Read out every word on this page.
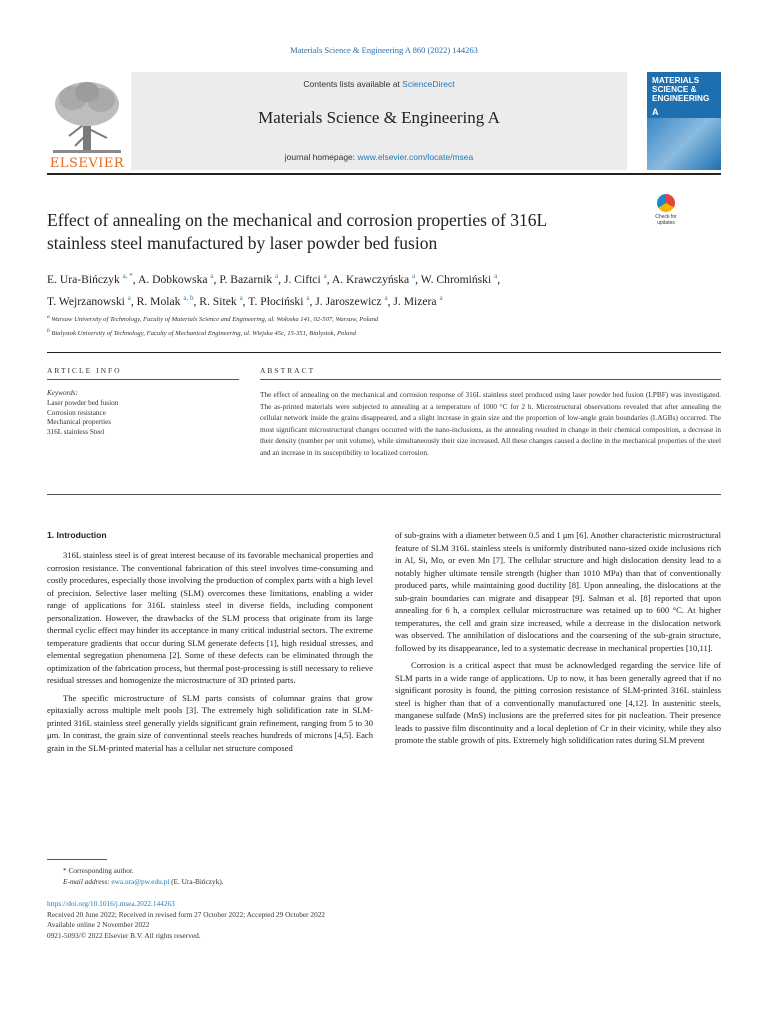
Materials Science & Engineering A 860 (2022) 144263
ELSEVIER
Contents lists available at ScienceDirect
Materials Science & Engineering A
journal homepage: www.elsevier.com/locate/msea
MATERIALS SCIENCE & ENGINEERING
A
Effect of annealing on the mechanical and corrosion properties of 316L stainless steel manufactured by laser powder bed fusion
Check for updates
E. Ura-Bińczyk $^{a, *}$, A. Dobkowska $^a$, P. Bazarnik $^a$, J. Ciftci $^a$, A. Krawczyńska $^a$, W. Chromiński $^a$,
T. Wejrzanowski $^a$, R. Molak $^{a, b}$, R. Sitek $^a$, T. Płociński $^a$, J. Jaroszewicz $^a$, J. Mizera $^a$
$^a$ Warsaw University of Technology, Faculty of Materials Science and Engineering, ul. Wołoska 141, 02-507, Warsaw, Poland
$^b$ Bialystok University of Technology, Faculty of Mechanical Engineering, ul. Wiejska 45c, 15-351, Bialystok, Poland
ARTICLE INFO	ABSTRACT
Keywords:
Laser powder bed fusion
Corrosion resistance
Mechanical properties
316L stainless Steel
The effect of annealing on the mechanical and corrosion response of 316L stainless steel produced using laser powder bed fusion (LPBF) was investigated. The as-printed materials were subjected to annealing at a temperature of 1000 °C for 2 h. Microstructural observations revealed that after annealing the cellular network inside the grains disappeared, and a slight increase in grain size and the proportion of low-angle grain boundaries (LAGBs) occurred. The most significant microstructural changes occurred with the nano-inclusions, as the annealing resulted in change in their chemical composition, a decrease in their density (number per unit volume), while simultaneously their size increased. All these changes caused a decline in the mechanical properties of the steel and an increase in its susceptibility to localized corrosion.
1. Introduction

316L stainless steel is of great interest because of its favorable mechanical properties and corrosion resistance. The conventional fabrication of this steel involves time-consuming and costly procedures, especially those involving the production of complex parts with a high level of precision. Selective laser melting (SLM) overcomes these limitations, enabling a wider range of applications for 316L stainless steel in diverse fields, including component personalization. However, the drawbacks of the SLM process that originate from its large thermal cyclic effect may hinder its acceptance in many critical industrial sectors. The extreme temperature gradients that occur during SLM generate defects [1], high residual stresses, and elemental segregation phenomena [2]. Some of these defects can be eliminated through the optimization of the fabrication process, but thermal post-processing is still necessary to relieve residual stresses and homogenize the microstructure of 3D printed parts.

The specific microstructure of SLM parts consists of columnar grains that grow epitaxially across multiple melt pools [3]. The extremely high solidification rate in SLM-printed 316L stainless steel generally yields significant grain refinement, ranging from 5 to 30 μm. In contrast, the grain size of conventional steels reaches hundreds of microns [4,5]. Each grain in the SLM-printed material has a cellular net structure composed

of sub-grains with a diameter between 0.5 and 1 μm [6]. Another characteristic microstructural feature of SLM 316L stainless steels is uniformly distributed nano-sized oxide inclusions rich in Al, Si, Mo, or even Mn [7]. The cellular structure and high dislocation density lead to a notably higher ultimate tensile strength (higher than 1010 MPa) than that of conventionally produced parts, while maintaining good ductility [8]. Upon annealing, the dislocations at the sub-grain boundaries can migrate and disappear [9]. Salman et al. [8] reported that upon annealing for 6 h, a complex cellular microstructure was retained up to 600 °C. At higher temperatures, the cell and grain size increased, while a decrease in the dislocation network was observed. The annihilation of dislocations and the coarsening of the sub-grain structure, followed by its disappearance, led to a systematic decrease in mechanical properties [10,11].

Corrosion is a critical aspect that must be acknowledged regarding the service life of SLM parts in a wide range of applications. Up to now, it has been generally agreed that if no significant porosity is found, the pitting corrosion resistance of SLM-printed 316L stainless steel is higher than that of a conventionally manufactured one [4,12]. In austenitic steels, manganese sulfade (MnS) inclusions are the preferred sites for pit nucleation. Their presence leads to passive film discontinuity and a local depletion of Cr in their vicinity, while they also promote the stable growth of pits. Extremely high solidification rates during SLM prevent

* Corresponding author.
E-mail address: ewa.ura@pw.edu.pl (E. Ura-Bińczyk).
https://doi.org/10.1016/j.msea.2022.144263
Received 20 June 2022; Received in revised form 27 October 2022; Accepted 29 October 2022
Available online 2 November 2022
0921-5093/© 2022 Elsevier B.V. All rights reserved.
